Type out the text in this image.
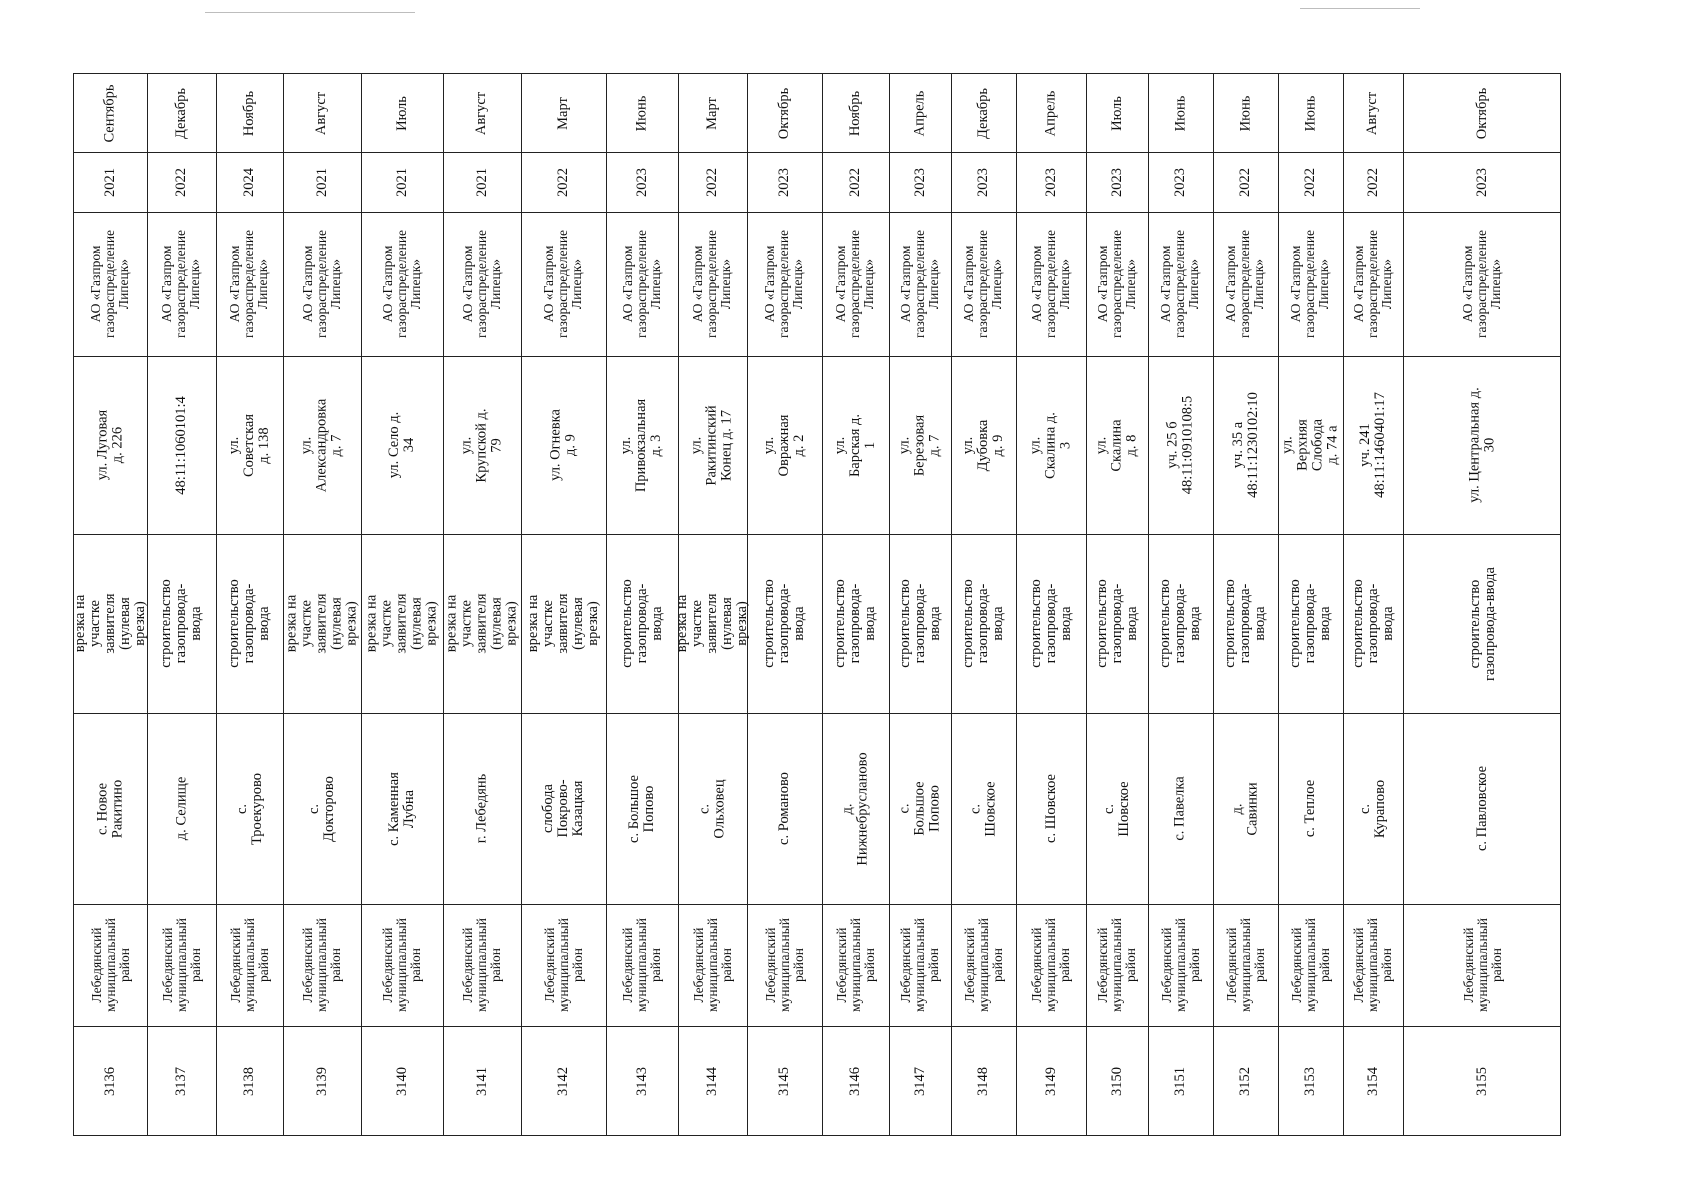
Сентябрь
2021
АО «Газпром
газораспределение
Липецк»
ул. Луговая д. 226
врезка на участке
заявителя (нулевая
врезка)
с. Новое Ракитино
Лебедянский
муниципальный
район
3136
Декабрь
2022
АО «Газпром
газораспределение
Липецк»
48:11:1060101:4
строительство
газопровода-ввода
д. Селище
Лебедянский
муниципальный
район
3137
Ноябрь
2024
АО «Газпром
газораспределение
Липецк»
ул. Советская д. 138
строительство
газопровода-ввода
с. Троекурово
Лебедянский
муниципальный
район
3138
Август
2021
АО «Газпром
газораспределение
Липецк»
ул. Александровка
д. 7
врезка на участке
заявителя (нулевая
врезка)
с. Докторово
Лебедянский
муниципальный
район
3139
Июль
2021
АО «Газпром
газораспределение
Липецк»
ул. Село д. 34
врезка на участке
заявителя (нулевая
врезка)
с. Каменная Лубна
Лебедянский
муниципальный
район
3140
Август
2021
АО «Газпром
газораспределение
Липецк»
ул. Крупской д. 79
врезка на участке
заявителя (нулевая
врезка)
г. Лебедянь
Лебедянский
муниципальный
район
3141
Март
2022
АО «Газпром
газораспределение
Липецк»
ул. Огневка д. 9
врезка на участке
заявителя (нулевая
врезка)
слобода Покрово-
Казацкая
Лебедянский
муниципальный
район
3142
Июнь
2023
АО «Газпром
газораспределение
Липецк»
ул. Привокзальная
д. 3
строительство
газопровода-ввода
с. Большое Попово
Лебедянский
муниципальный
район
3143
Март
2022
АО «Газпром
газораспределение
Липецк»
ул. Ракитинский
Конец д. 17
врезка на участке
заявителя (нулевая
врезка)
с. Ольховец
Лебедянский
муниципальный
район
3144
Октябрь
2023
АО «Газпром
газораспределение
Липецк»
ул. Овражная д. 2
строительство
газопровода-ввода
с. Романово
Лебедянский
муниципальный
район
3145
Ноябрь
2022
АО «Газпром
газораспределение
Липецк»
ул. Барская д. 1
строительство
газопровода-ввода
д. Нижнебрусланово
Лебедянский
муниципальный
район
3146
Апрель
2023
АО «Газпром
газораспределение
Липецк»
ул. Березовая д. 7
строительство
газопровода-ввода
с. Большое Попово
Лебедянский
муниципальный
район
3147
Декабрь
2023
АО «Газпром
газораспределение
Липецк»
ул. Дубовка д. 9
строительство
газопровода-ввода
с. Шовское
Лебедянский
муниципальный
район
3148
Апрель
2023
АО «Газпром
газораспределение
Липецк»
ул. Скалина д. 3
строительство
газопровода-ввода
с. Шовское
Лебедянский
муниципальный
район
3149
Июль
2023
АО «Газпром
газораспределение
Липецк»
ул. Скалина д. 8
строительство
газопровода-ввода
с. Шовское
Лебедянский
муниципальный
район
3150
Июнь
2023
АО «Газпром
газораспределение
Липецк»
уч. 25 б
48:11:0910108:5
строительство
газопровода-ввода
с. Павелка
Лебедянский
муниципальный
район
3151
Июнь
2022
АО «Газпром
газораспределение
Липецк»
уч. 35 а
48:11:1230102:10
строительство
газопровода-ввода
д. Савинки
Лебедянский
муниципальный
район
3152
Июнь
2022
АО «Газпром
газораспределение
Липецк»
ул. Верхняя
Слобода д. 74 а
строительство
газопровода-ввода
с. Теплое
Лебедянский
муниципальный
район
3153
Август
2022
АО «Газпром
газораспределение
Липецк»
уч. 241
48:11:1460401:17
строительство
газопровода-ввода
с. Курапово
Лебедянский
муниципальный
район
3154
Октябрь
2023
АО «Газпром
газораспределение
Липецк»
ул. Центральная д.
30
строительство
газопровода-ввода
с. Павловское
Лебедянский
муниципальный
район
3155
